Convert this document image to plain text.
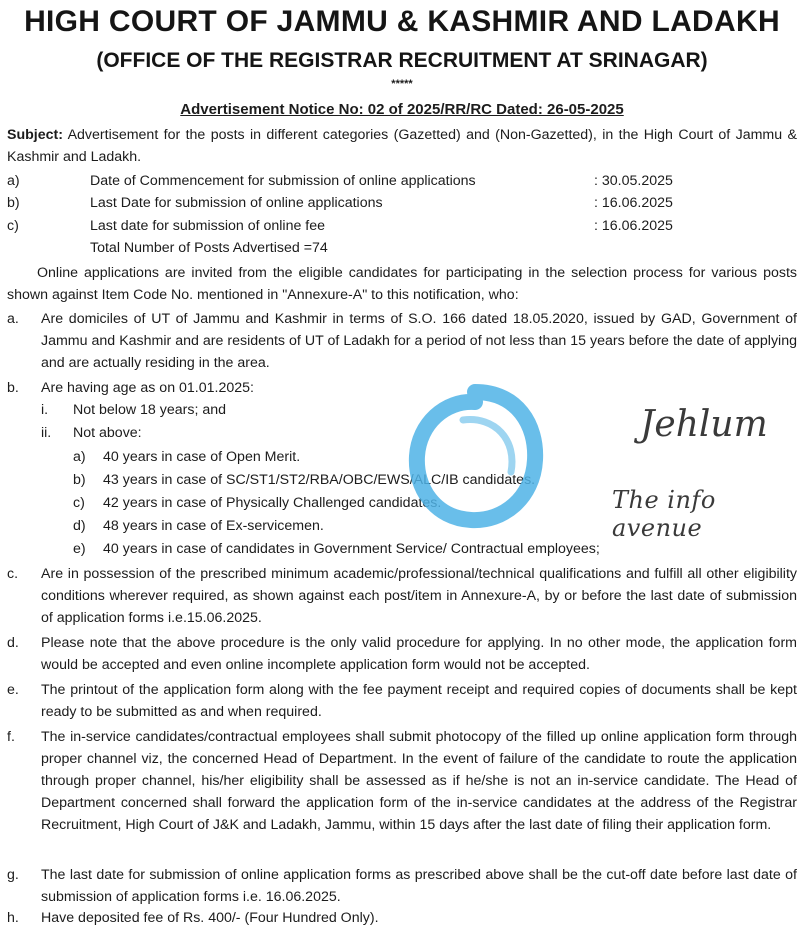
HIGH COURT OF JAMMU & KASHMIR AND LADAKH
(OFFICE OF THE REGISTRAR RECRUITMENT AT SRINAGAR)
*****
Advertisement Notice No: 02 of 2025/RR/RC Dated: 26-05-2025
Subject: Advertisement for the posts in different categories (Gazetted) and (Non-Gazetted), in the High Court of Jammu & Kashmir and Ladakh.
a)	Date of Commencement for submission of online applications	: 30.05.2025
b)	Last Date for submission of online applications	: 16.06.2025
c)	Last date for submission of online fee	: 16.06.2025
Total Number of Posts Advertised =74
Online applications are invited from the eligible candidates for participating in the selection process for various posts shown against Item Code No. mentioned in "Annexure-A" to this notification, who:
a. Are domiciles of UT of Jammu and Kashmir in terms of S.O. 166 dated 18.05.2020, issued by GAD, Government of Jammu and Kashmir and are residents of UT of Ladakh for a period of not less than 15 years before the date of applying and are actually residing in the area.
b. Are having age as on 01.01.2025:
i. Not below 18 years; and
ii. Not above:
a) 40 years in case of Open Merit.
b) 43 years in case of SC/ST1/ST2/RBA/OBC/EWS/ALC/IB candidates.
c) 42 years in case of Physically Challenged candidates.
d) 48 years in case of Ex-servicemen.
e) 40 years in case of candidates in Government Service/ Contractual employees;
c. Are in possession of the prescribed minimum academic/professional/technical qualifications and fulfill all other eligibility conditions wherever required, as shown against each post/item in Annexure-A, by or before the last date of submission of application forms i.e.15.06.2025.
d. Please note that the above procedure is the only valid procedure for applying. In no other mode, the application form would be accepted and even online incomplete application form would not be accepted.
e. The printout of the application form along with the fee payment receipt and required copies of documents shall be kept ready to be submitted as and when required.
f. The in-service candidates/contractual employees shall submit photocopy of the filled up online application form through proper channel viz, the concerned Head of Department. In the event of failure of the candidate to route the application through proper channel, his/her eligibility shall be assessed as if he/she is not an in-service candidate. The Head of Department concerned shall forward the application form of the in-service candidates at the address of the Registrar Recruitment, High Court of J&K and Ladakh, Jammu, within 15 days after the last date of filing their application form.
g. The last date for submission of online application forms as prescribed above shall be the cut-off date before last date of submission of application forms i.e. 16.06.2025.
h. Have deposited fee of Rs. 400/- (Four Hundred Only).
Jehlum
The info avenue
